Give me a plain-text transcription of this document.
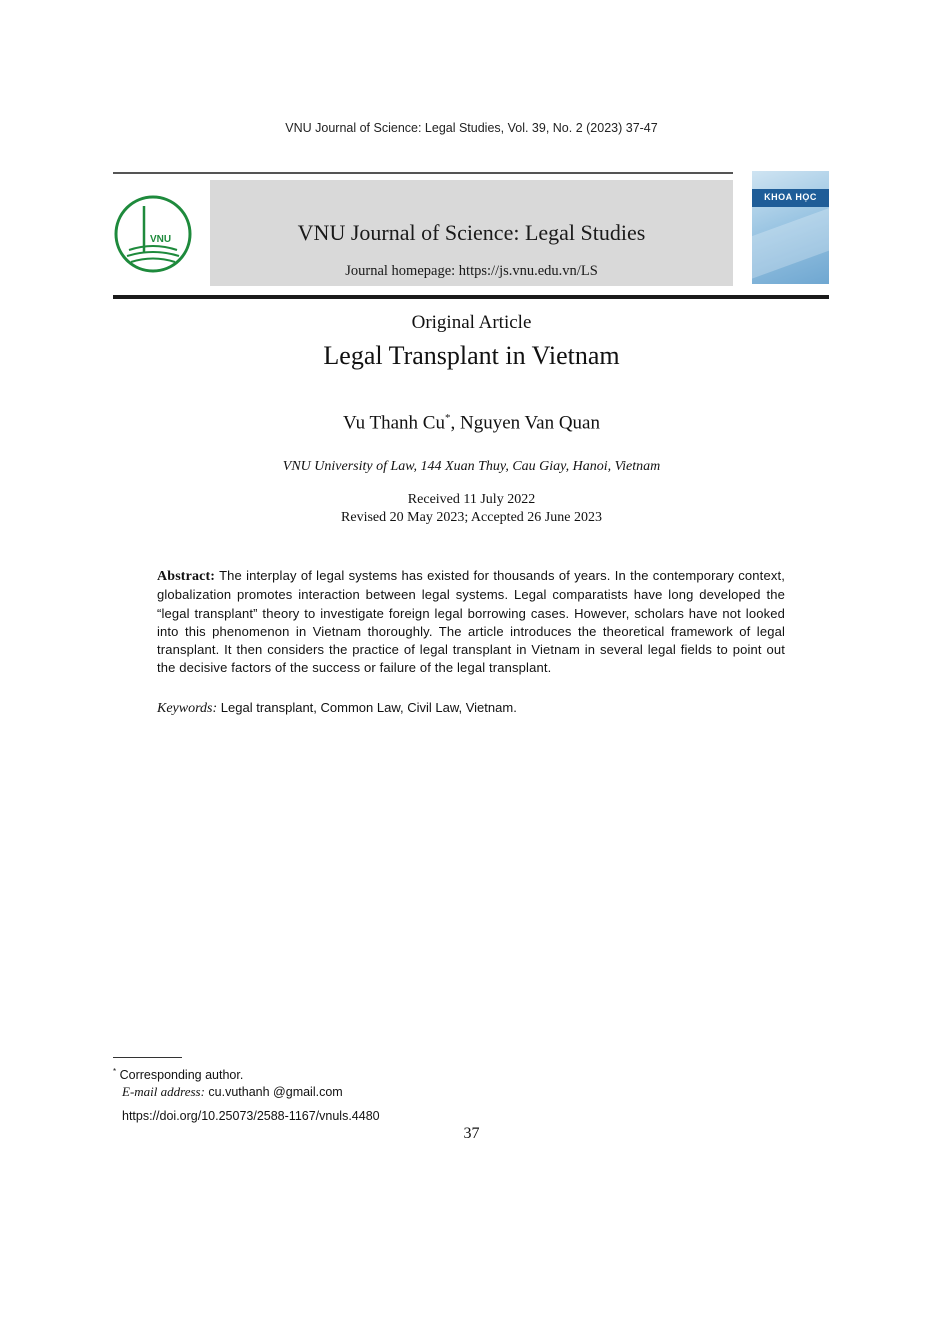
VNU Journal of Science: Legal Studies, Vol. 39, No. 2 (2023) 37-47
VNU	VNU Journal of Science: Legal Studies
Journal homepage: https://js.vnu.edu.vn/LS
KHOA HỌC
Original Article
Legal Transplant in Vietnam
Vu Thanh Cu*, Nguyen Van Quan
VNU University of Law, 144 Xuan Thuy, Cau Giay, Hanoi, Vietnam
Received 11 July 2022
Revised 20 May 2023; Accepted 26 June 2023
Abstract: The interplay of legal systems has existed for thousands of years. In the contemporary context, globalization promotes interaction between legal systems. Legal comparatists have long developed the “legal transplant” theory to investigate foreign legal borrowing cases. However, scholars have not looked into this phenomenon in Vietnam thoroughly. The article introduces the theoretical framework of legal transplant. It then considers the practice of legal transplant in Vietnam in several legal fields to point out the decisive factors of the success or failure of the legal transplant.
Keywords: Legal transplant, Common Law, Civil Law, Vietnam.
* Corresponding author.
E-mail address: cu.vuthanh @gmail.com
https://doi.org/10.25073/2588-1167/vnuls.4480
37
